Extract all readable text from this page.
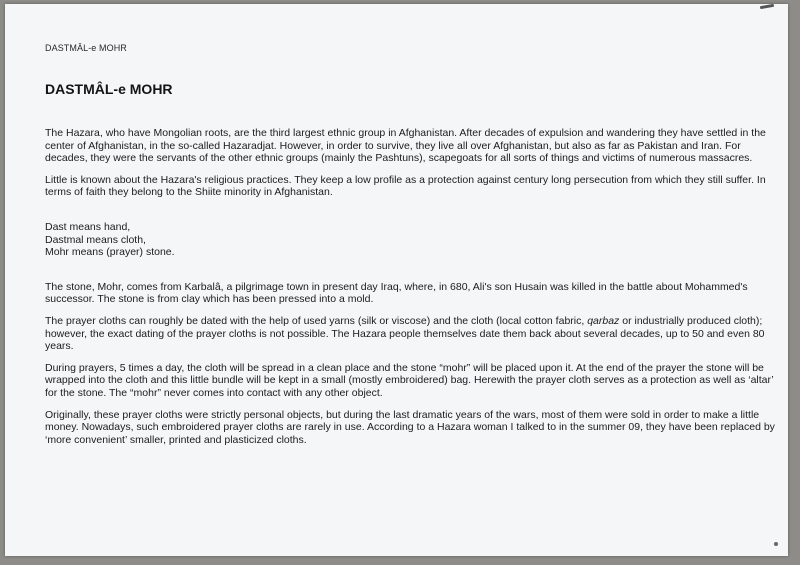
DASTMÂL-e MOHR
DASTMÂL-e MOHR

The Hazara, who have Mongolian roots, are the third largest ethnic group in Afghanistan. After decades of expulsion and wandering they have settled in the center of Afghanistan, in the so-called Hazaradjat. However, in order to survive, they live all over Afghanistan, but also as far as Pakistan and Iran. For decades, they were the servants of the other ethnic groups (mainly the Pashtuns), scapegoats for all sorts of things and victims of numerous massacres.

Little is known about the Hazara's religious practices. They keep a low profile as a protection against century long persecution from which they still suffer. In terms of faith they belong to the Shiite minority in Afghanistan.

Dast means hand,

Dastmal means cloth,

Mohr means (prayer) stone.

The stone, Mohr, comes from Karbalâ, a pilgrimage town in present day Iraq, where, in 680, Ali's son Husain was killed in the battle about Mohammed's successor. The stone is from clay which has been pressed into a mold.

The prayer cloths can roughly be dated with the help of used yarns (silk or viscose) and the cloth (local cotton fabric, qarbaz or industrially produced cloth); however, the exact dating of the prayer cloths is not possible. The Hazara people themselves date them back about several decades, up to 50 and even 80 years.

During prayers, 5 times a day, the cloth will be spread in a clean place and the stone “mohr” will be placed upon it. At the end of the prayer the stone will be wrapped into the cloth and this little bundle will be kept in a small (mostly embroidered) bag. Herewith the prayer cloth serves as a protection as well as ‘altar’ for the stone. The “mohr” never comes into contact with any other object.

Originally, these prayer cloths were strictly personal objects, but during the last dramatic years of the wars, most of them were sold in order to make a little money. Nowadays, such embroidered prayer cloths are rarely in use. According to a Hazara woman I talked to in the summer 09, they have been replaced by ‘more convenient’ smaller, printed and plasticized cloths.
